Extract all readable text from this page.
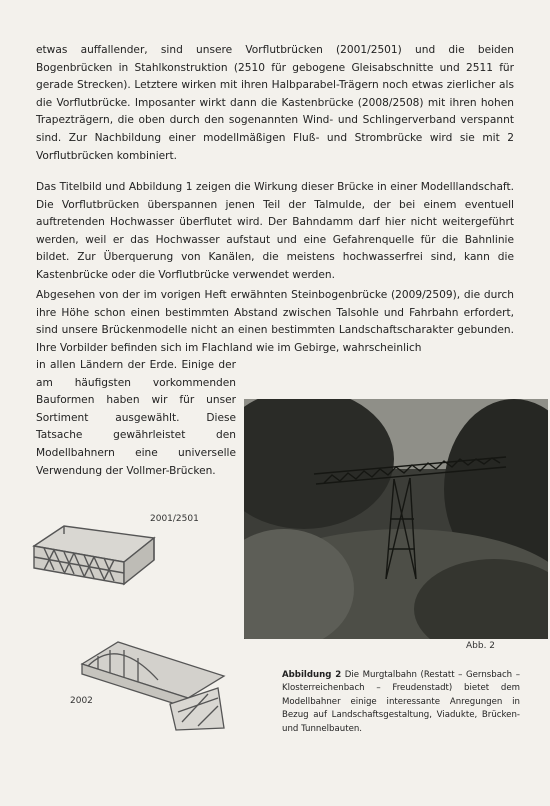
etwas auffallender, sind unsere Vorflutbrücken (2001/2501) und die beiden Bogenbrücken in Stahlkonstruktion (2510 für gebogene Gleisabschnitte und 2511 für gerade Strecken). Letztere wirken mit ihren Halbparabel-Trägern noch etwas zierlicher als die Vorflutbrücke. Imposanter wirkt dann die Kastenbrücke (2008/2508) mit ihren hohen Trapezträgern, die oben durch den sogenannten Wind- und Schlingerverband verspannt sind. Zur Nachbildung einer modellmäßigen Fluß- und Strombrücke wird sie mit 2 Vorflutbrücken kombiniert.

Das Titelbild und Abbildung 1 zeigen die Wirkung dieser Brücke in einer Modelllandschaft. Die Vorflutbrücken überspannen jenen Teil der Talmulde, der bei einem eventuell auftretenden Hochwasser überflutet wird. Der Bahndamm darf hier nicht weitergeführt werden, weil er das Hochwasser aufstaut und eine Gefahrenquelle für die Bahnlinie bildet. Zur Überquerung von Kanälen, die meistens hochwasserfrei sind, kann die Kastenbrücke oder die Vorflutbrücke verwendet werden.

Abgesehen von der im vorigen Heft erwähnten Steinbogenbrücke (2009/2509), die durch ihre Höhe schon einen bestimmten Abstand zwischen Talsohle und Fahrbahn erfordert, sind unsere Brückenmodelle nicht an einen bestimmten Landschaftscharakter gebunden. Ihre Vorbilder befinden sich im Flachland wie im Gebirge, wahrscheinlich

in allen Ländern der Erde. Einige der am häufigsten vorkommenden Bauformen haben wir für unser Sortiment ausgewählt. Diese Tatsache gewährleistet den Modellbahnern eine universelle Verwendung der Vollmer-Brücken.

2001/2501
2002
Abb. 2
Abbildung 2 Die Murgtalbahn (Restatt – Gernsbach – Klosterreichenbach – Freudenstadt) bietet dem Modellbahner einige interessante Anregungen in Bezug auf Landschaftsgestaltung, Viadukte, Brücken- und Tunnelbauten.
